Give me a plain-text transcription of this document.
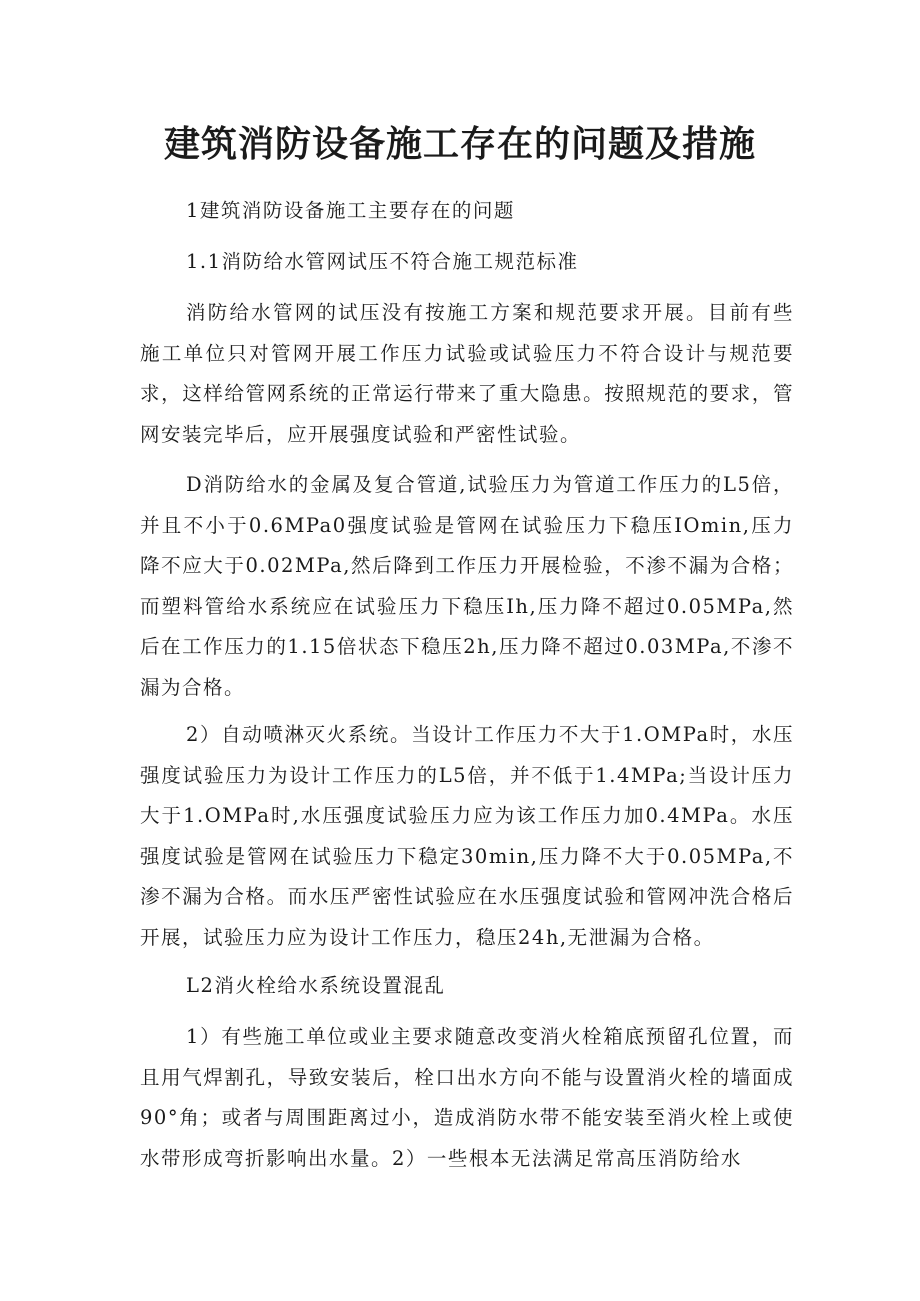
建筑消防设备施工存在的问题及措施

1建筑消防设备施工主要存在的问题

1.1消防给水管网试压不符合施工规范标准

消防给水管网的试压没有按施工方案和规范要求开展。目前有些施工单位只对管网开展工作压力试验或试验压力不符合设计与规范要求，这样给管网系统的正常运行带来了重大隐患。按照规范的要求，管网安装完毕后，应开展强度试验和严密性试验。

D消防给水的金属及复合管道,试验压力为管道工作压力的L5倍，并且不小于0.6MPa0强度试验是管网在试验压力下稳压IOmin,压力降不应大于0.02MPa,然后降到工作压力开展检验，不渗不漏为合格；而塑料管给水系统应在试验压力下稳压Ih,压力降不超过0.05MPa,然后在工作压力的1.15倍状态下稳压2h,压力降不超过0.03MPa,不渗不漏为合格。

2）自动喷淋灭火系统。当设计工作压力不大于1.OMPa时，水压强度试验压力为设计工作压力的L5倍，并不低于1.4MPa;当设计压力大于1.OMPa时,水压强度试验压力应为该工作压力加0.4MPa。水压强度试验是管网在试验压力下稳定30min,压力降不大于0.05MPa,不渗不漏为合格。而水压严密性试验应在水压强度试验和管网冲洗合格后开展，试验压力应为设计工作压力，稳压24h,无泄漏为合格。

L2消火栓给水系统设置混乱

1）有些施工单位或业主要求随意改变消火栓箱底预留孔位置，而且用气焊割孔，导致安装后，栓口出水方向不能与设置消火栓的墙面成90°角；或者与周围距离过小，造成消防水带不能安装至消火栓上或使水带形成弯折影响出水量。2）一些根本无法满足常高压消防给水
